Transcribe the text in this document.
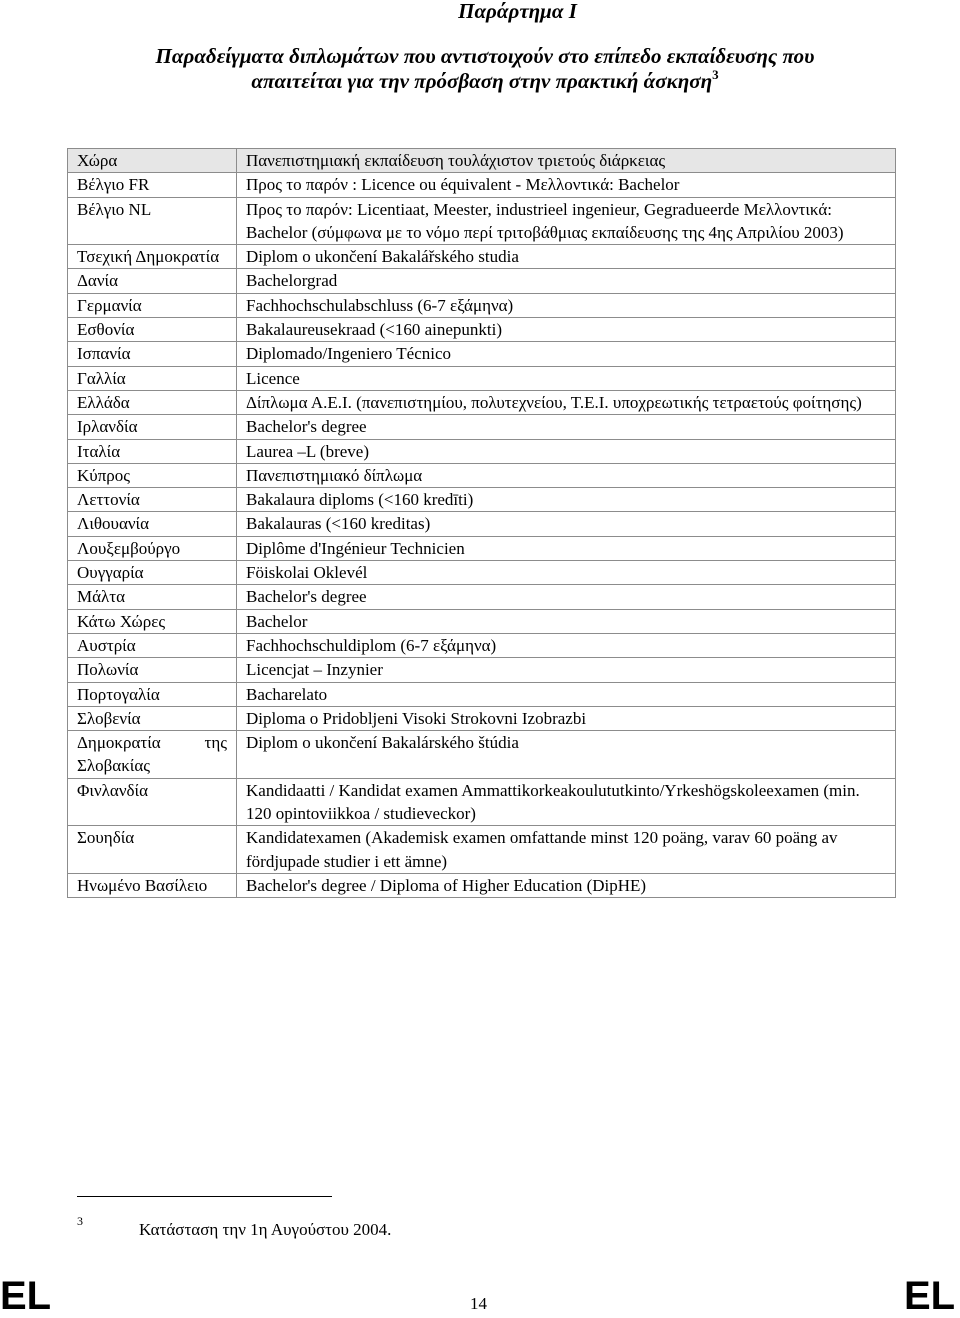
Παράρτημα Ι
Παραδείγματα διπλωμάτων που αντιστοιχούν στο επίπεδο εκπαίδευσης που
απαιτείται για την πρόσβαση στην πρακτική άσκηση$^3$
Χώρα	Πανεπιστημιακή εκπαίδευση τουλάχιστον τριετούς διάρκειας
Βέλγιο FR	Προς το παρόν : Licence ou équivalent - Μελλοντικά: Bachelor
Βέλγιο NL	Προς το παρόν: Licentiaat, Meester, industrieel ingenieur, Gegradueerde Μελλοντικά: Bachelor (σύμφωνα με το νόμο περί τριτοβάθμιας εκπαίδευσης της 4ης Απριλίου 2003)
Τσεχική Δημοκρατία	Diplom o ukončení Bakalářského studia
Δανία	Bachelorgrad
Γερμανία	Fachhochschulabschluss (6-7 εξάμηνα)
Εσθονία	Bakalaureusekraad (<160 ainepunkti)
Ισπανία	Diplomado/Ingeniero Técnico
Γαλλία	Licence
Ελλάδα	Δίπλωμα Α.Ε.Ι. (πανεπιστημίου, πολυτεχνείου, Τ.Ε.Ι. υποχρεωτικής τετραετούς φοίτησης)
Ιρλανδία	Bachelor's degree
Ιταλία	Laurea –L (breve)
Κύπρος	Πανεπιστημιακό δίπλωμα
Λεττονία	Bakalaura diploms (<160 kredīti)
Λιθουανία	Bakalauras (<160 kreditas)
Λουξεμβούργο	Diplôme d'Ingénieur Technicien
Ουγγαρία	Föiskolai Oklevél
Μάλτα	Bachelor's degree
Κάτω Χώρες	Bachelor
Αυστρία	Fachhochschuldiplom (6-7 εξάμηνα)
Πολωνία	Licencjat – Inzynier
Πορτογαλία	Bacharelato
Σλοβενία	Diploma o Pridobljeni Visoki Strokovni Izobrazbi
Δημοκρατία της Σλοβακίας	Diplom o ukončení Bakalárského štúdia
Φινλανδία	Kandidaatti / Kandidat examen Ammattikorkeakoulututkinto/Yrkeshögskoleexamen (min. 120 opintoviikkoa / studieveckor)
Σουηδία	Kandidatexamen (Akademisk examen omfattande minst 120 poäng, varav 60 poäng av fördjupade studier i ett ämne)
Ηνωμένο Βασίλειο	Bachelor's degree / Diploma of Higher Education (DipHE)
3	Κατάσταση την 1η Αυγούστου 2004.
EL	14	EL
